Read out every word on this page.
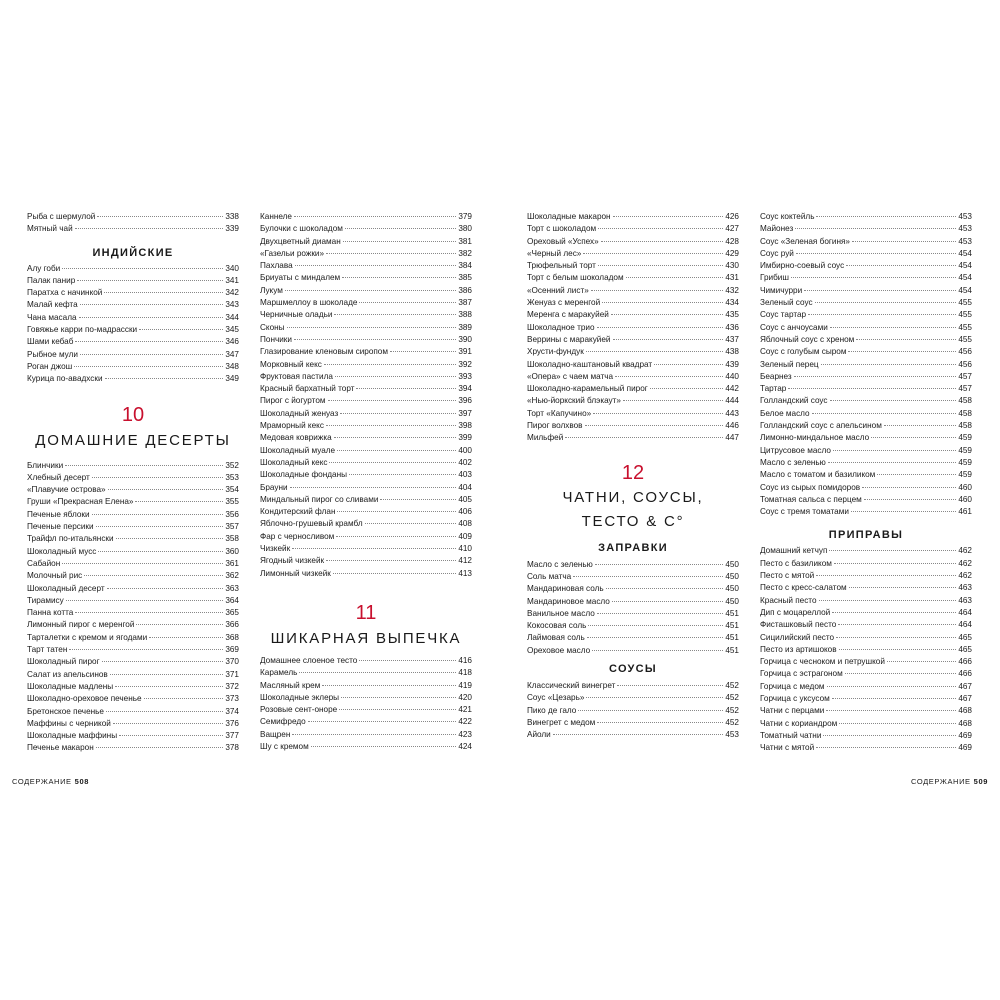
Рыба с шермулой	338
Мятный чай	339
ИНДИЙСКИЕ
Алу гоби	340
Палак панир	341
Паратха с начинкой	342
Малай кефта	343
Чана масала	344
Говяжье карри по-мадрасски	345
Шами кебаб	346
Рыбное мули	347
Роган джош	348
Курица по-авадхски	349
10
ДОМАШНИЕ ДЕСЕРТЫ
Блинчики	352
Хлебный десерт	353
«Плавучие острова»	354
Груши «Прекрасная Елена»	355
Печеные яблоки	356
Печеные персики	357
Трайфл по-итальянски	358
Шоколадный мусс	360
Сабайон	361
Молочный рис	362
Шоколадный десерт	363
Тирамису	364
Панна котта	365
Лимонный пирог с меренгой	366
Тарталетки с кремом и ягодами	368
Тарт татен	369
Шоколадный пирог	370
Салат из апельсинов	371
Шоколадные мадлены	372
Шоколадно-ореховое печенье	373
Бретонское печенье	374
Маффины с черникой	376
Шоколадные маффины	377
Печенье макарон	378
Каннеле	379
Булочки с шоколадом	380
Двухцветный диаман	381
«Газельи рожки»	382
Пахлава	384
Бриуаты с миндалем	385
Лукум	386
Маршмеллоу в шоколаде	387
Черничные оладьи	388
Сконы	389
Пончики	390
Глазирование кленовым сиропом	391
Морковный кекс	392
Фруктовая пастила	393
Красный бархатный торт	394
Пирог с йогуртом	396
Шоколадный женуаз	397
Мраморный кекс	398
Медовая коврижка	399
Шоколадный муале	400
Шоколадный кекс	402
Шоколадные фонданы	403
Брауни	404
Миндальный пирог со сливами	405
Кондитерский флан	406
Яблочно-грушевый крамбл	408
Фар с черносливом	409
Чизкейк	410
Ягодный чизкейк	412
Лимонный чизкейк	413
11
ШИКАРНАЯ ВЫПЕЧКА
Домашнее слоеное тесто	416
Карамель	418
Масляный крем	419
Шоколадные эклеры	420
Розовые сент-оноре	421
Семифредо	422
Ващрен	423
Шу с кремом	424
Шоколадные макарон	426
Торт с шоколадом	427
Ореховый «Успех»	428
«Черный лес»	429
Трюфельный торт	430
Торт с белым шоколадом	431
«Осенний лист»	432
Женуаз с меренгой	434
Меренга с маракуйей	435
Шоколадное трио	436
Веррины с маракуйей	437
Хрусти-фундук	438
Шоколадно-каштановый квадрат	439
«Опера» с чаем матча	440
Шоколадно-карамельный пирог	442
«Нью-йоркский блэкаут»	444
Торт «Капучино»	443
Пирог волхвов	446
Мильфей	447
12
ЧАТНИ, СОУСЫ,
ТЕСТО & С°
ЗАПРАВКИ
Масло с зеленью	450
Соль матча	450
Мандариновая соль	450
Мандариновое масло	450
Ванильное масло	451
Кокосовая соль	451
Лаймовая соль	451
Ореховое масло	451
СОУСЫ
Классический винегрет	452
Соус «Цезарь»	452
Пико де гало	452
Винегрет с медом	452
Айоли	453
Соус коктейль	453
Майонез	453
Соус «Зеленая богиня»	453
Соус руй	454
Имбирно-соевый соус	454
Грибиш	454
Чимичурри	454
Зеленый соус	455
Соус тартар	455
Соус с анчоусами	455
Яблочный соус с хреном	455
Соус с голубым сыром	456
Зеленый перец	456
Беарнез	457
Тартар	457
Голландский соус	458
Белое масло	458
Голландский соус с апельсином	458
Лимонно-миндальное масло	459
Цитрусовое масло	459
Масло с зеленью	459
Масло с томатом и базиликом	459
Соус из сырых помидоров	460
Томатная сальса с перцем	460
Соус с тремя томатами	461
ПРИПРАВЫ
Домашний кетчуп	462
Песто с базиликом	462
Песто с мятой	462
Песто с кресс-салатом	463
Красный песто	463
Дип с моцареллой	464
Фисташковый песто	464
Сицилийский песто	465
Песто из артишоков	465
Горчица с чесноком и петрушкой	466
Горчица с эстрагоном	466
Горчица с медом	467
Горчица с уксусом	467
Чатни с перцами	468
Чатни с кориандром	468
Томатный чатни	469
Чатни с мятой	469
СОДЕРЖАНИЕ 508	СОДЕРЖАНИЕ 509
